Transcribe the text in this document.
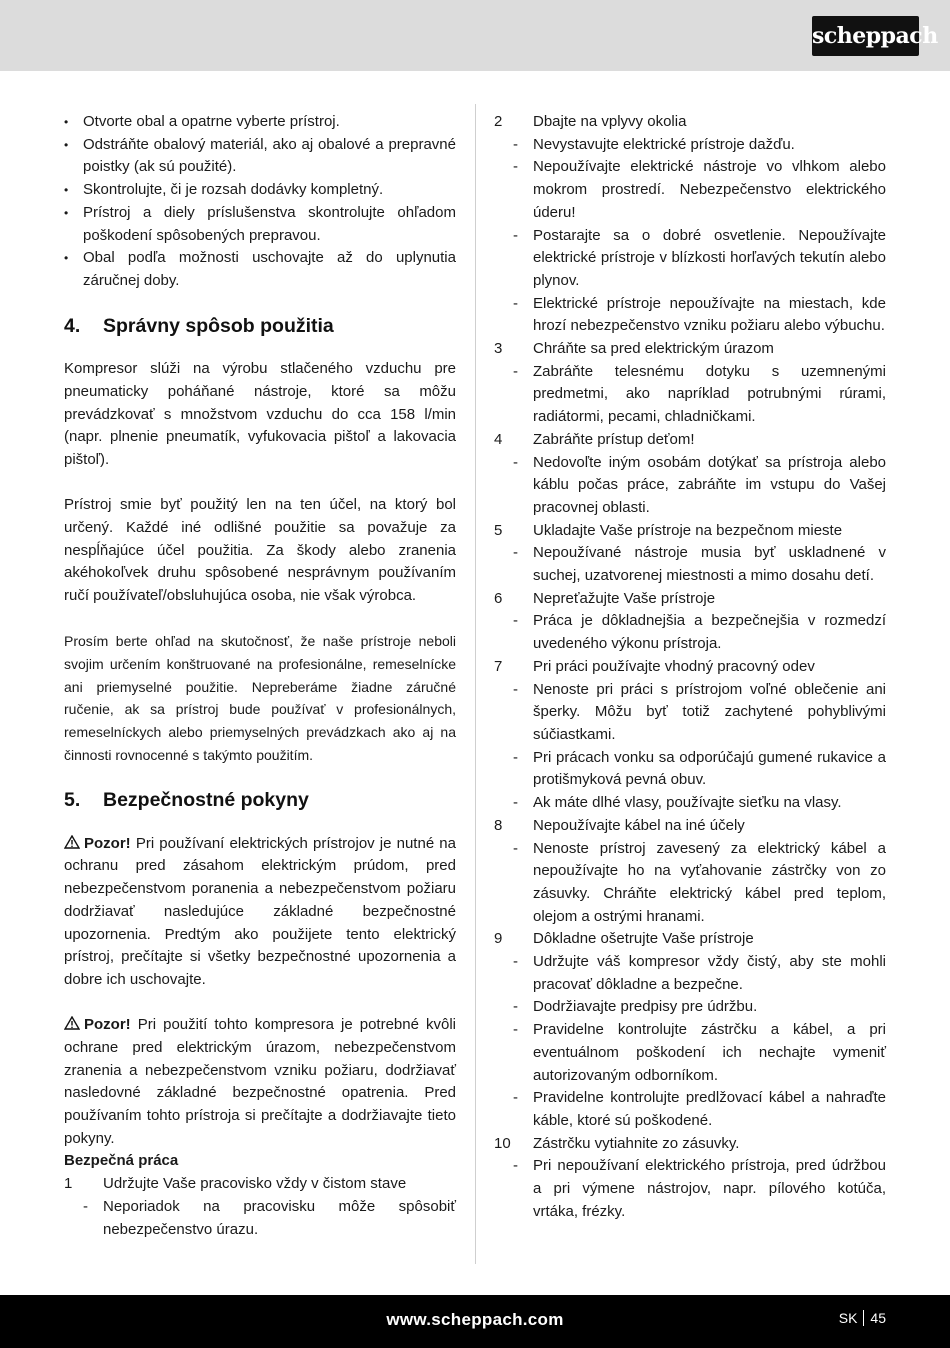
scheppach
• Otvorte obal a opatrne vyberte prístroj.
• Odstráňte obalový materiál, ako aj obalové a prepravné poistky (ak sú použité).
• Skontrolujte, či je rozsah dodávky kompletný.
• Prístroj a diely príslušenstva skontrolujte ohľadom poškodení spôsobených prepravou.
• Obal podľa možnosti uschovajte až do uplynutia záručnej doby.
4.	Správny spôsob použitia

Kompresor slúži na výrobu stlačeného vzduchu pre pneumaticky poháňané nástroje, ktoré sa môžu prevádzkovať s množstvom vzduchu do cca 158 l/min (napr. plnenie pneumatík, vyfukovacia pištoľ a lakovacia pištoľ).

Prístroj smie byť použitý len na ten účel, na ktorý bol určený. Každé iné odlišné použitie sa považuje za nespĺňajúce účel použitia. Za škody alebo zranenia akéhokoľvek druhu spôsobené nesprávnym používaním ručí používateľ/obsluhujúca osoba, nie však výrobca.

Prosím berte ohľad na skutočnosť, že naše prístroje neboli svojim určením konštruované na profesionálne, remeselnícke ani priemyselné použitie. Nepreberáme žiadne záručné ručenie, ak sa prístroj bude používať v profesionálnych, remeselníckych alebo priemyselných prevádzkach ako aj na činnosti rovnocenné s takýmto použitím.

5.	Bezpečnostné pokyny

Pozor! Pri používaní elektrických prístrojov je nutné na ochranu pred zásahom elektrickým prúdom, pred nebezpečenstvom poranenia a nebezpečenstvom požiaru dodržiavať nasledujúce základné bezpečnostné upozornenia. Predtým ako použijete tento elektrický prístroj, prečítajte si všetky bezpečnostné upozornenia a dobre ich uschovajte.

Pozor! Pri použití tohto kompresora je potrebné kvôli ochrane pred elektrickým úrazom, nebezpečenstvom zranenia a nebezpečenstvom vzniku požiaru, dodržiavať nasledovné základné bezpečnostné opatrenia. Pred používaním tohto prístroja si prečítajte a dodržiavajte tieto pokyny.

Bezpečná práca
1	Udržujte Vaše pracovisko vždy v čistom stave
-	Neporiadok na pracovisku môže spôsobiť nebezpečenstvo úrazu.
2	Dbajte na vplyvy okolia
-	Nevystavujte elektrické prístroje dažďu.
-	Nepoužívajte elektrické nástroje vo vlhkom alebo mokrom prostredí. Nebezpečenstvo elektrického úderu!
-	Postarajte sa o dobré osvetlenie. Nepoužívajte elektrické prístroje v blízkosti horľavých tekutín alebo plynov.
-	Elektrické prístroje nepoužívajte na miestach, kde hrozí nebezpečenstvo vzniku požiaru alebo výbuchu.
3	Chráňte sa pred elektrickým úrazom
-	Zabráňte telesnému dotyku s uzemnenými predmetmi, ako napríklad potrubnými rúrami, radiátormi, pecami, chladničkami.
4	Zabráňte prístup deťom!
-	Nedovoľte iným osobám dotýkať sa prístroja alebo káblu počas práce, zabráňte im vstupu do Vašej pracovnej oblasti.
5	Ukladajte Vaše prístroje na bezpečnom mieste
-	Nepoužívané nástroje musia byť uskladnené v suchej, uzatvorenej miestnosti a mimo dosahu detí.
6	Nepreťažujte Vaše prístroje
-	Práca je dôkladnejšia a bezpečnejšia v rozmedzí uvedeného výkonu prístroja.
7	Pri práci používajte vhodný pracovný odev
-	Nenoste pri práci s prístrojom voľné oblečenie ani šperky. Môžu byť totiž zachytené pohyblivými súčiastkami.
-	Pri prácach vonku sa odporúčajú gumené rukavice a protišmyková pevná obuv.
-	Ak máte dlhé vlasy, používajte sieťku na vlasy.
8	Nepoužívajte kábel na iné účely
-	Nenoste prístroj zavesený za elektrický kábel a nepoužívajte ho na vyťahovanie zástrčky von zo zásuvky. Chráňte elektrický kábel pred teplom, olejom a ostrými hranami.
9	Dôkladne ošetrujte Vaše prístroje
-	Udržujte váš kompresor vždy čistý, aby ste mohli pracovať dôkladne a bezpečne.
-	Dodržiavajte predpisy pre údržbu.
-	Pravidelne kontrolujte zástrčku a kábel, a pri eventuálnom poškodení ich nechajte vymeniť autorizovaným odborníkom.
-	Pravidelne kontrolujte predlžovací kábel a nahraďte káble, ktoré sú poškodené.
10	Zástrčku vytiahnite zo zásuvky.
-	Pri nepoužívaní elektrického prístroja, pred údržbou a pri výmene nástrojov, napr. pílového kotúča, vrtáka, frézky.
www.scheppach.com	SK 45
